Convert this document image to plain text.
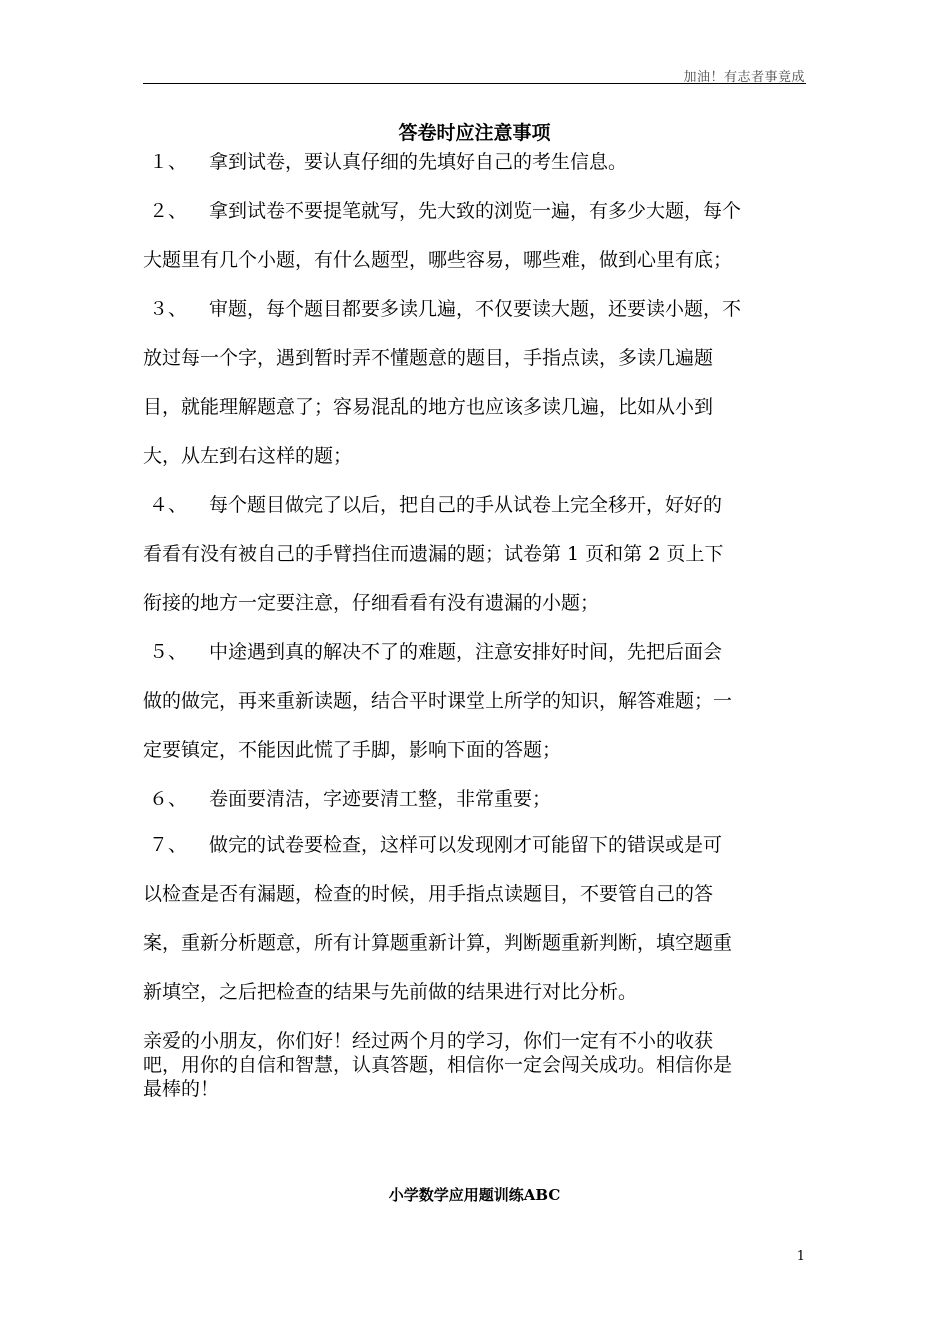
加油！有志者事竟成
答卷时应注意事项
１、 拿到试卷，要认真仔细的先填好自己的考生信息。
２、 拿到试卷不要提笔就写，先大致的浏览一遍，有多少大题，每个
大题里有几个小题，有什么题型，哪些容易，哪些难，做到心里有底；
３、 审题，每个题目都要多读几遍，不仅要读大题，还要读小题，不
放过每一个字，遇到暂时弄不懂题意的题目，手指点读，多读几遍题
目，就能理解题意了；容易混乱的地方也应该多读几遍，比如从小到
大，从左到右这样的题；
４、 每个题目做完了以后，把自己的手从试卷上完全移开，好好的
看看有没有被自己的手臂挡住而遗漏的题；试卷第 1 页和第 2 页上下
衔接的地方一定要注意，仔细看看有没有遗漏的小题；
５、 中途遇到真的解决不了的难题，注意安排好时间，先把后面会
做的做完，再来重新读题，结合平时课堂上所学的知识，解答难题；一
定要镇定，不能因此慌了手脚，影响下面的答题；
６、 卷面要清洁，字迹要清工整，非常重要；
７、 做完的试卷要检查，这样可以发现刚才可能留下的错误或是可
以检查是否有漏题，检查的时候，用手指点读题目，不要管自己的答
案，重新分析题意，所有计算题重新计算，判断题重新判断，填空题重
新填空，之后把检查的结果与先前做的结果进行对比分析。
亲爱的小朋友，你们好！经过两个月的学习，你们一定有不小的收获
吧，用你的自信和智慧，认真答题，相信你一定会闯关成功。相信你是
最棒的！
小学数学应用题训练ABC
1
